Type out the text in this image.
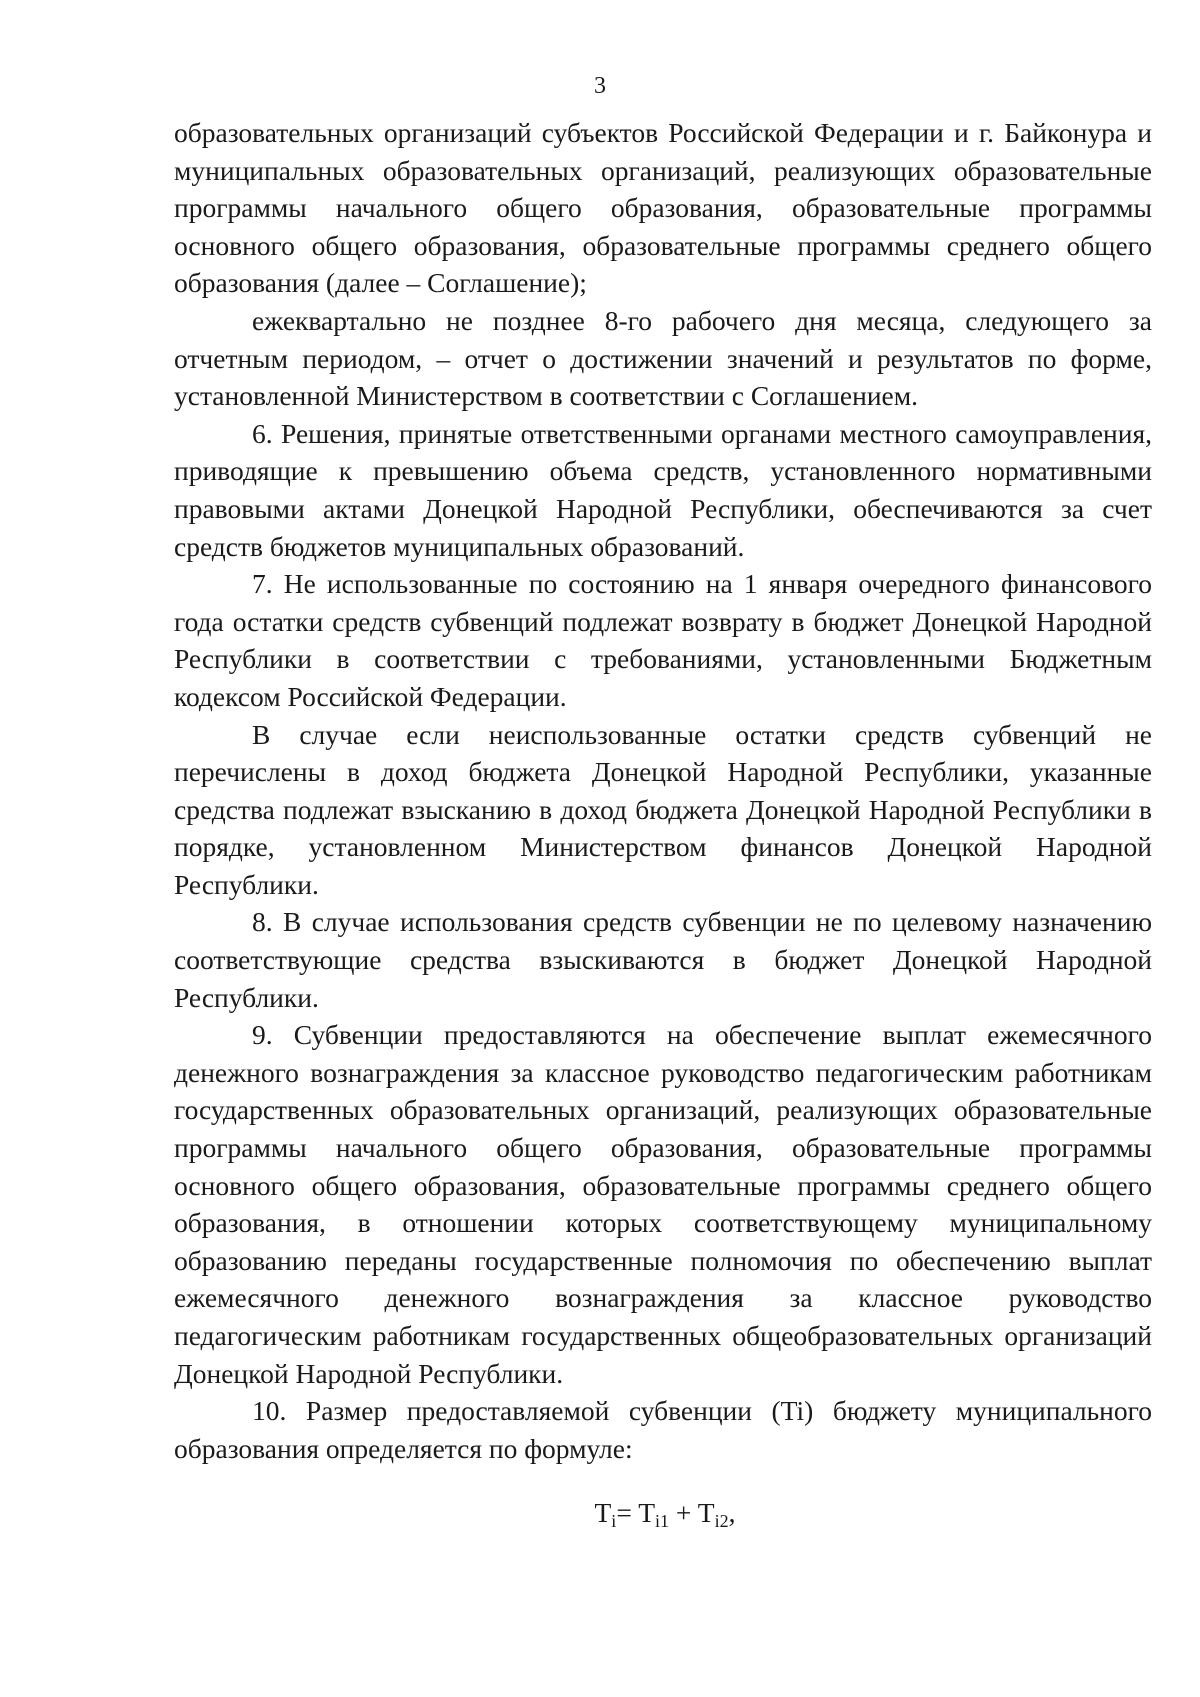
3

образовательных организаций субъектов Российской Федерации и г. Байконура и муниципальных образовательных организаций, реализующих образовательные программы начального общего образования, образовательные программы основного общего образования, образовательные программы среднего общего образования (далее – Соглашение);

ежеквартально не позднее 8-го рабочего дня месяца, следующего за отчетным периодом, – отчет о достижении значений и результатов по форме, установленной Министерством в соответствии с Соглашением.

6. Решения, принятые ответственными органами местного самоуправления, приводящие к превышению объема средств, установленного нормативными правовыми актами Донецкой Народной Республики, обеспечиваются за счет средств бюджетов муниципальных образований.

7. Не использованные по состоянию на 1 января очередного финансового года остатки средств субвенций подлежат возврату в бюджет Донецкой Народной Республики в соответствии с требованиями, установленными Бюджетным кодексом Российской Федерации.

В случае если неиспользованные остатки средств субвенций не перечислены в доход бюджета Донецкой Народной Республики, указанные средства подлежат взысканию в доход бюджета Донецкой Народной Республики в порядке, установленном Министерством финансов Донецкой Народной Республики.

8. В случае использования средств субвенции не по целевому назначению соответствующие средства взыскиваются в бюджет Донецкой Народной Республики.

9. Субвенции предоставляются на обеспечение выплат ежемесячного денежного вознаграждения за классное руководство педагогическим работникам государственных образовательных организаций, реализующих образовательные программы начального общего образования, образовательные программы основного общего образования, образовательные программы среднего общего образования, в отношении которых соответствующему муниципальному образованию переданы государственные полномочия по обеспечению выплат ежемесячного денежного вознаграждения за классное руководство педагогическим работникам государственных общеобразовательных организаций Донецкой Народной Республики.

10. Размер предоставляемой субвенции (Ti) бюджету муниципального образования определяется по формуле:

$T_i= T_{i1} + T_{i2}$,
